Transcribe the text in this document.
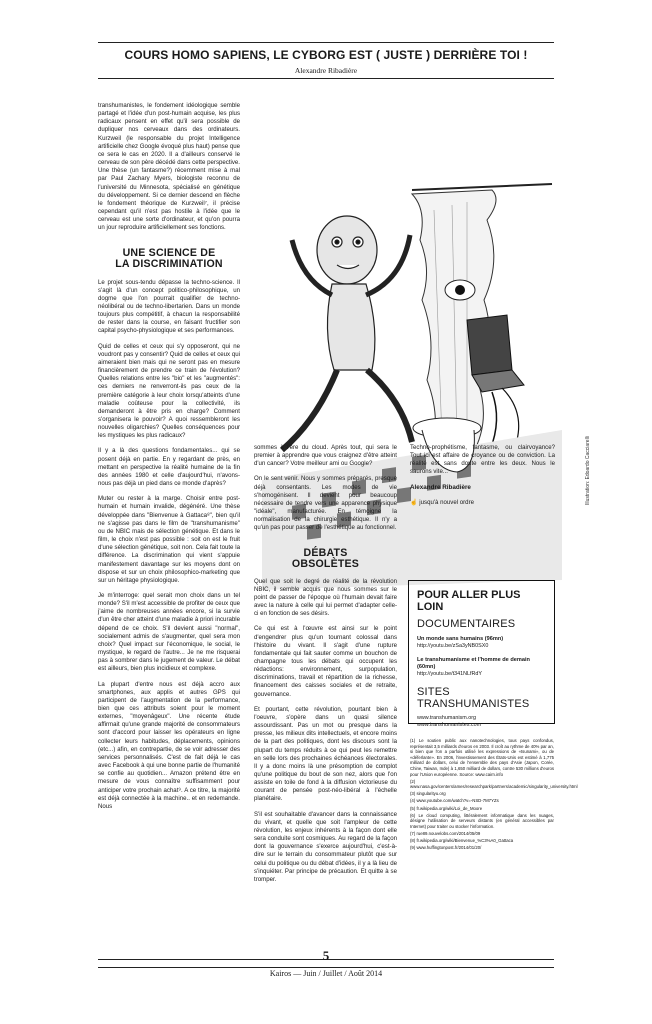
COURS HOMO SAPIENS, LE CYBORG EST ( JUSTE ) DERRIÈRE TOI !
Alexandre Ribadière

transhumanistes, le fondement idéologique semble partagé et l'idée d'un post-humain acquise, les plus radicaux pensent en effet qu'il sera possible de dupliquer nos cerveaux dans des ordinateurs. Kurzweil (le responsable du projet Intelligence artificielle chez Google évoqué plus haut) pense que ce sera le cas en 2020. Il a d'ailleurs conservé le cerveau de son père décédé dans cette perspective. Une thèse (un fantasme?) récemment mise à mal par Paul Zachary Myers, biologiste reconnu de l'université du Minnesota, spécialisé en génétique du développement. Si ce dernier descend en flèche le fondement théorique de Kurzweil⁷, il précise cependant qu'il n'est pas hostile à l'idée que le cerveau est une sorte d'ordinateur, et qu'on pourra un jour reproduire artificiellement ses fonctions.

UNE SCIENCE DE
LA DISCRIMINATION

Le projet sous-tendu dépasse la techno-science. Il s'agit là d'un concept politico-philosophique, un dogme que l'on pourrait qualifier de techno-néolibéral ou de techno-libertarien. Dans un monde toujours plus compétitif, à chacun la responsabilité de rester dans la course, en faisant fructifier son capital psycho-physiologique et ses performances.

Quid de celles et ceux qui s'y opposeront, qui ne voudront pas y consentir? Quid de celles et ceux qui aimeraient bien mais qui ne seront pas en mesure financièrement de prendre ce train de l'évolution? Quelles relations entre les "bio" et les "augmentés": ces derniers ne renverront-ils pas ceux de la première catégorie à leur choix lorsqu'atteints d'une maladie coûteuse pour la collectivité, ils demanderont à être pris en charge? Comment s'organisera le pouvoir? A quoi ressembleront les nouvelles oligarchies? Quelles conséquences pour les mystiques les plus radicaux?

Il y a là des questions fondamentales... qui se posent déjà en partie. En y regardant de près, en mettant en perspective la réalité humaine de la fin des années 1980 et celle d'aujourd'hui, n'avons-nous pas déjà un pied dans ce monde d'après?

Muter ou rester à la marge. Choisir entre post-humain et humain invalide, dégénéré. Une thèse développée dans "Bienvenue à Gattaca⁸", bien qu'il ne s'agisse pas dans le film de "transhumanisme" ou de NBIC mais de sélection génétique. Et dans le film, le choix n'est pas possible : soit on est le fruit d'une sélection génétique, soit non. Cela fait toute la différence. La discrimination qui vient s'appuie manifestement davantage sur les moyens dont on dispose et sur un choix philosophico-marketing que sur un héritage physiologique.

Je m'interroge: quel serait mon choix dans un tel monde? S'il m'est accessible de profiter de ceux que j'aime de nombreuses années encore, si la survie d'un être cher atteint d'une maladie à priori incurable dépend de ce choix. S'il devient aussi "normal", socialement admis de s'augmenter, quel sera mon choix? Quel impact sur l'économique, le social, le mystique, le regard de l'autre... Je ne me risquerai pas à sombrer dans le jugement de valeur. Le débat est ailleurs, bien plus incidieux et complexe.

La plupart d'entre nous est déjà accro aux smartphones, aux applis et autres GPS qui participent de l'augmentation de la performance, bien que ces attributs soient pour le moment externes, "moyenâgeux". Une récente étude affirmait qu'une grande majorité de consommateurs sont d'accord pour laisser les opérateurs en ligne collecter leurs habitudes, déplacements, opinions (etc...) afin, en contrepartie, de se voir adresser des services personnalisés. C'est de fait déjà le cas avec Facebook à qui une bonne partie de l'humanité se confie au quotidien... Amazon prétend être en mesure de vous connaître suffisamment pour anticiper votre prochain achat⁹. A ce titre, la majorité est déjà connectée à la machine.. et en redemande. Nous

Illustration: Edoardo Cacciarelli

sommes à l'ère du cloud. Après tout, qui sera le premier à apprendre que vous craignez d'être atteint d'un cancer? Votre meilleur ami ou Google?

On le sent venir. Nous y sommes préparés, presque déjà consentants. Les modes de vie s'homogénisent. Il devient pour beaucoup nécessaire de tendre vers une apparence physique "idéale", manufacturée. En témoigne la normalisation de la chirurgie esthétique. Il n'y a qu'un pas pour passer de l'esthétique au fonctionnel.

DÉBATS
OBSOLÈTES

Quel que soit le degré de réalité de la révolution NBIC, il semble acquis que nous sommes sur le point de passer de l'époque où l'humain devait faire avec la nature à celle qui lui permet d'adapter celle-ci en fonction de ses désirs.

Ce qui est à l'œuvre est ainsi sur le point d'engendrer plus qu'un tournant colossal dans l'histoire du vivant. Il s'agit d'une rupture fondamentale qui fait sauter comme un bouchon de champagne tous les débats qui occupent les rédactions: environnement, surpopulation, discriminations, travail et répartition de la richesse, financement des caisses sociales et de retraite, gouvernance.

Et pourtant, cette révolution, pourtant bien à l'oeuvre, s'opère dans un quasi silence assourdissant. Pas un mot ou presque dans la presse, les milieux dits intellectuels, et encore moins de la part des politiques, dont les discours sont la plupart du temps réduits à ce qui peut les remettre en selle lors des prochaines échéances électorales. Il y a donc moins là une présomption de complot qu'une politique du bout de son nez, alors que l'on assiste en toile de fond à la diffusion victorieuse du courant de pensée post-néo-libéral à l'échelle planétaire.

S'il est souhaitable d'avancer dans la connaissance du vivant, et quelle que soit l'ampleur de cette révolution, les enjeux inhérents à la façon dont elle sera conduite sont cosmiques. Au regard de la façon dont la gouvernance s'exerce aujourd'hui, c'est-à-dire sur le terrain du consommateur plutôt que sur celui du politique ou du débat d'idées, il y a là lieu de s'inquiéter. Par principe de précaution. Et quitte à se tromper.

Techno-prophétisme, fantasme, ou clairvoyance? Tout ici est affaire de croyance ou de conviction. La réalité est sans doute entre les deux. Nous le saurons vite...

Alexandre Ribadière

☝ jusqu'à nouvel ordre

POUR ALLER PLUS LOIN
DOCUMENTAIRES
Un monde sans humains (96mn)
http://youtu.be/zSa3yNB0SX0
Le transhumanisme et l'homme de demain (60mn)
http://youtu.be/t341NLfRdY
SITES TRANSHUMANISTES
www.transhumanism.org
www.transhumanistes.com
(1) Le soutien public aux nanotechnologies, tous pays confondus, représentait 3,5 milliards d'euros en 2003. Il croît au rythme de 40% par an, si bien que l'on a parfois utilisé les expressions de «tsunami», ou de «déferlante». En 2006, l'investissement des États-Unis est estimé à 1,775 milliard de dollars, celui de l'ensemble des pays d'Asie (Japon, Corée, Chine, Taiwan, Inde) à 1,650 milliard de dollars, contre 530 millions d'euros pour l'Union européenne. Source: www.cairn.info
(2) www.nasa.gov/centers/ames/researchpark/partners/academic/singularity_university.html
(3) singularityu.org
(4) www.youtube.com/watch?v=-NSD-7M7YZs
(5) fr.wikipedia.org/wiki/Loi_de_Moore
(6) Le cloud computing, littéralement informatique dans les nuages, désigne l'utilisation de serveurs distants (en général accessibles par Internet) pour traiter ou stocker l'information.
(7) rue89.nouvelobs.com/2014/05/09
(8) fr.wikipedia.org/wiki/Bienvenue_%C3%A0_Gattaca
(9) www.huffingtonpost.fr/2014/01/20/
5
Kairos — Juin / Juillet / Août 2014
